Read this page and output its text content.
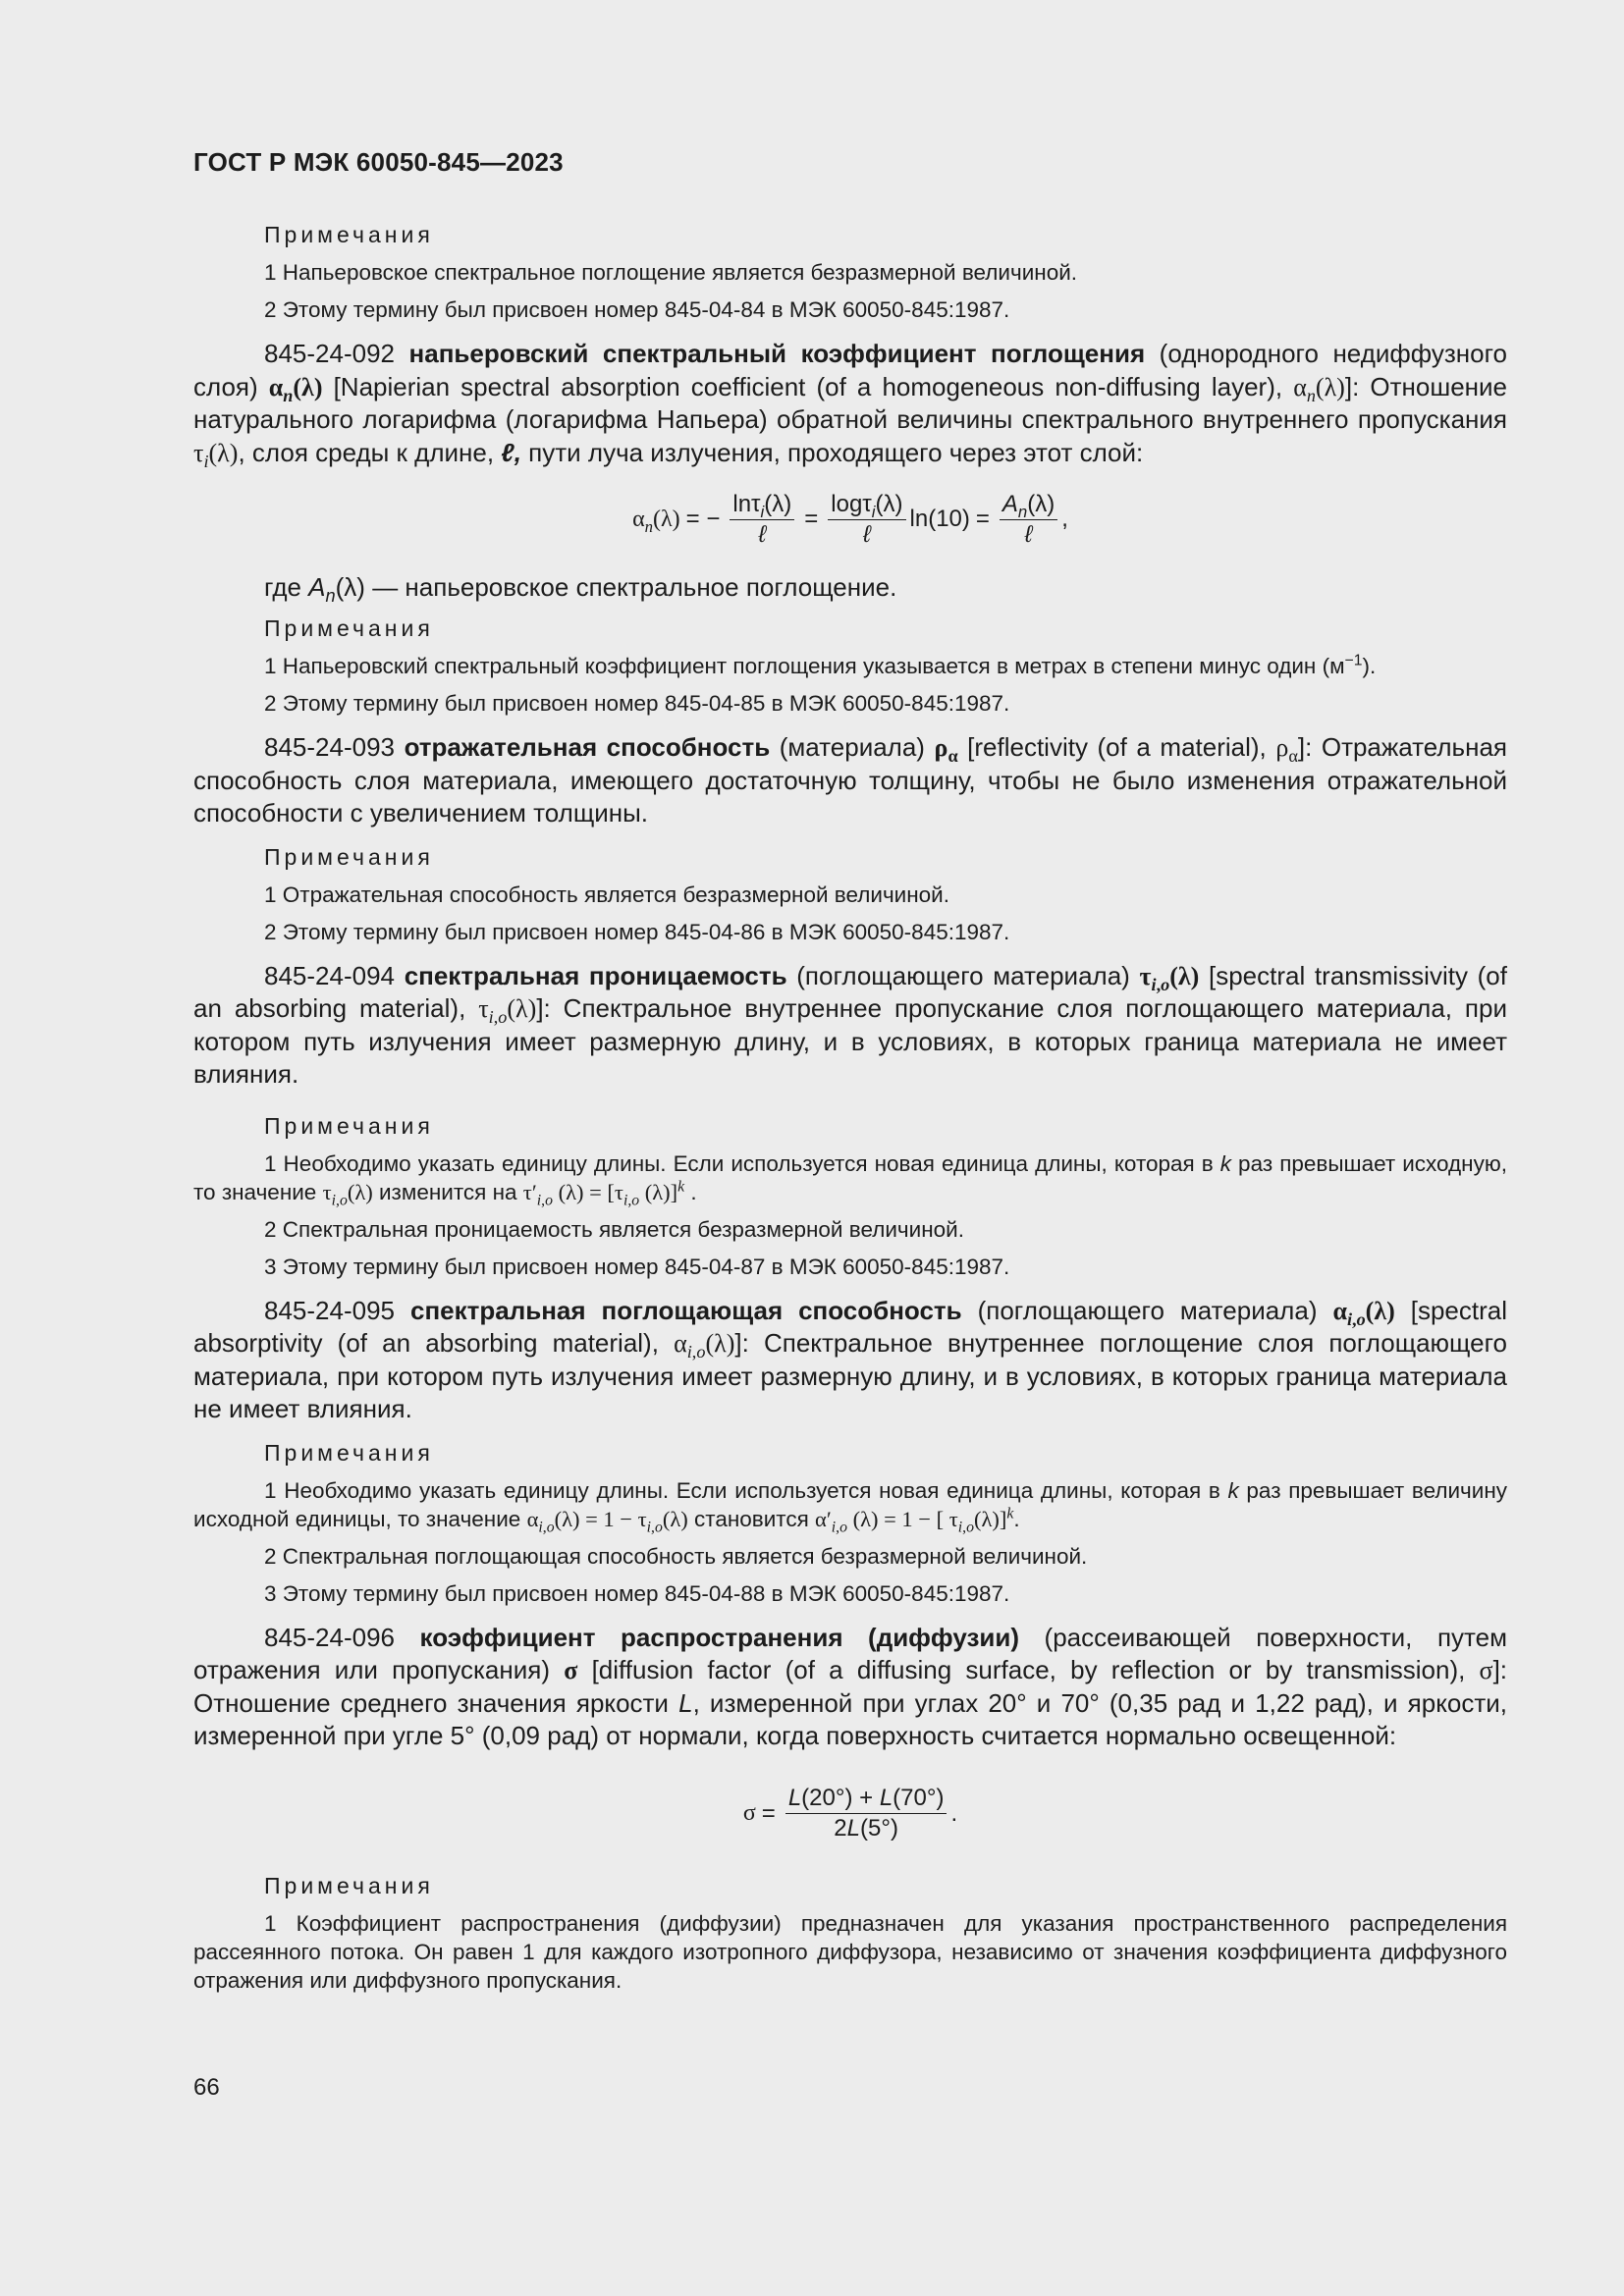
ГОСТ Р МЭК 60050-845—2023
Примечания

1 Напьеровское спектральное поглощение является безразмерной величиной.

2 Этому термину был присвоен номер 845-04-84 в МЭК 60050-845:1987.

845-24-092 напьеровский спектральный коэффициент поглощения (однородного недиффузного слоя) $\alpha_n(\lambda)$ [Napierian spectral absorption coefficient (of a homogeneous non-diffusing layer), $\alpha_n(\lambda)$]: Отношение натурального логарифма (логарифма Напьера) обратной величины спектрального внутреннего пропускания $\tau_i(\lambda)$, слоя среды к длине, ℓ, пути луча излучения, проходящего через этот слой:

$\alpha_n(\lambda)$ = − $\frac{\ln\tau_i(\lambda)}{\text{ℓ}} = \frac{\log\tau_i(\lambda)}{\text{ℓ}} \ln(10) = \frac{A_n(\lambda)}{\text{ℓ}}$ ,

где $A_n(\lambda)$ — напьеровское спектральное поглощение.

Примечания

1 Напьеровский спектральный коэффициент поглощения указывается в метрах в степени минус один $(м^{-1})$.

2 Этому термину был присвоен номер 845-04-85 в МЭК 60050-845:1987.

845-24-093 отражательная способность (материала) $\rho_\alpha$ [reflectivity (of a material), $\rho_\alpha$]: Отражательная способность слоя материала, имеющего достаточную толщину, чтобы не было изменения отражательной способности с увеличением толщины.

Примечания

1 Отражательная способность является безразмерной величиной.

2 Этому термину был присвоен номер 845-04-86 в МЭК 60050-845:1987.

845-24-094 спектральная проницаемость (поглощающего материала) $\tau_{i,o}(\lambda)$ [spectral transmissivity (of an absorbing material), $\tau_{i,o}(\lambda)$]: Спектральное внутреннее пропускание слоя поглощающего материала, при котором путь излучения имеет размерную длину, и в условиях, в которых граница материала не имеет влияния.

Примечания

1 Необходимо указать единицу длины. Если используется новая единица длины, которая в k раз превышает исходную, то значение $\tau_{i,o}(\lambda)$ изменится на $\tau'_{i,o}$ $(\lambda) = [\tau_{i,o}$ (λ)]$^k$ .

2 Спектральная проницаемость является безразмерной величиной.

3 Этому термину был присвоен номер 845-04-87 в МЭК 60050-845:1987.

845-24-095 спектральная поглощающая способность (поглощающего материала) $\alpha_{i,o}(\lambda)$ [spectral absorptivity (of an absorbing material), $\alpha_{i,o}(\lambda)$]: Спектральное внутреннее поглощение слоя поглощающего материала, при котором путь излучения имеет размерную длину, и в условиях, в которых граница материала не имеет влияния.

Примечания

1 Необходимо указать единицу длины. Если используется новая единица длины, которая в k раз превышает величину исходной единицы, то значение $\alpha_{i,o}(\lambda) = 1 - \tau_{i,o}(\lambda)$ становится $\alpha'_{i,o}$ (λ) = 1 − [ $\tau_{i,o}(\lambda)]^k$.

2 Спектральная поглощающая способность является безразмерной величиной.

3 Этому термину был присвоен номер 845-04-88 в МЭК 60050-845:1987.

845-24-096 коэффициент распространения (диффузии) (рассеивающей поверхности, путем отражения или пропускания) σ [diffusion factor (of a diffusing surface, by reflection or by transmission), σ]: Отношение среднего значения яркости L, измеренной при углах 20° и 70° (0,35 рад и 1,22 рад), и яркости, измеренной при угле 5° (0,09 рад) от нормали, когда поверхность считается нормально освещенной:

$\sigma = \frac{L(20^\circ) + L(70^\circ)}{2L(5^\circ)}$ .
Примечания

1 Коэффициент распространения (диффузии) предназначен для указания пространственного распределения рассеянного потока. Он равен 1 для каждого изотропного диффузора, независимо от значения коэффициента диффузного отражения или диффузного пропускания.

66
